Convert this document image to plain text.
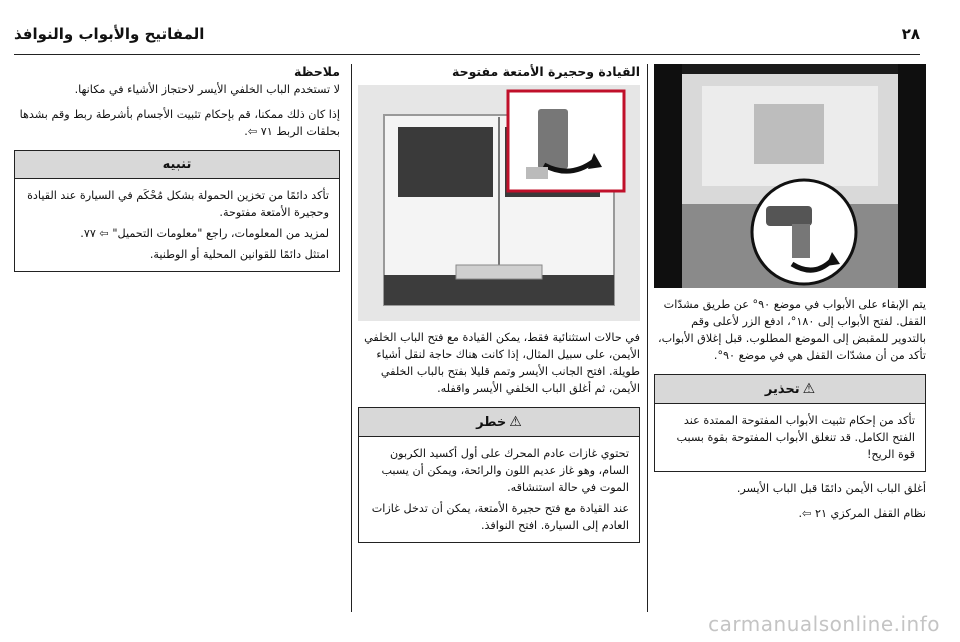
٢٨
المفاتيح والأبواب والنوافذ

يتم الإبقاء على الأبواب في موضع ٩٠° عن طريق مشدّات القفل. لفتح الأبواب إلى ١٨٠°، ادفع الزر لأعلى وقم بالتدوير للمقبض إلى الموضع المطلوب. قبل إغلاق الأبواب، تأكد من أن مشدّات القفل هي في موضع ٩٠°.

⚠
تحذير

تأكد من إحكام تثبيت الأبواب المفتوحة الممتدة عند الفتح الكامل. قد تنغلق الأبواب المفتوحة بقوة بسبب قوة الريح!

أغلق الباب الأيمن دائمًا قبل الباب الأيسر.

نظام القفل المركزي ٢١ ⇦.

القيادة وحجيرة الأمتعة مفتوحة

في حالات استثنائية فقط، يمكن القيادة مع فتح الباب الخلفي الأيمن، على سبيل المثال، إذا كانت هناك حاجة لنقل أشياء طويلة. افتح الجانب الأيسر وتمم قليلا بفتح بالباب الخلفي الأيمن، ثم أغلق الباب الخلفي الأيسر واقفله.

⚠
خطر

تحتوي غازات عادم المحرك على أول أكسيد الكربون السام، وهو غاز عديم اللون والرائحة، ويمكن أن يسبب الموت في حالة استنشاقه.

عند القيادة مع فتح حجيرة الأمتعة، يمكن أن تدخل غازات العادم إلى السيارة. افتح النوافذ.

ملاحظة

لا تستخدم الباب الخلفي الأيسر لاحتجاز الأشياء في مكانها.

إذا كان ذلك ممكنا، قم بإحكام تثبيت الأجسام بأشرطة ربط وقم بشدها بحلقات الربط ٧١ ⇦.

تنبيه

تأكد دائمًا من تخزين الحمولة بشكل مُحْكَم في السيارة عند القيادة وحجيرة الأمتعة مفتوحة.

لمزيد من المعلومات، راجع "معلومات التحميل" ⇦ ٧٧.

امتثل دائمًا للقوانين المحلية أو الوطنية.

carmanualsonline.info
